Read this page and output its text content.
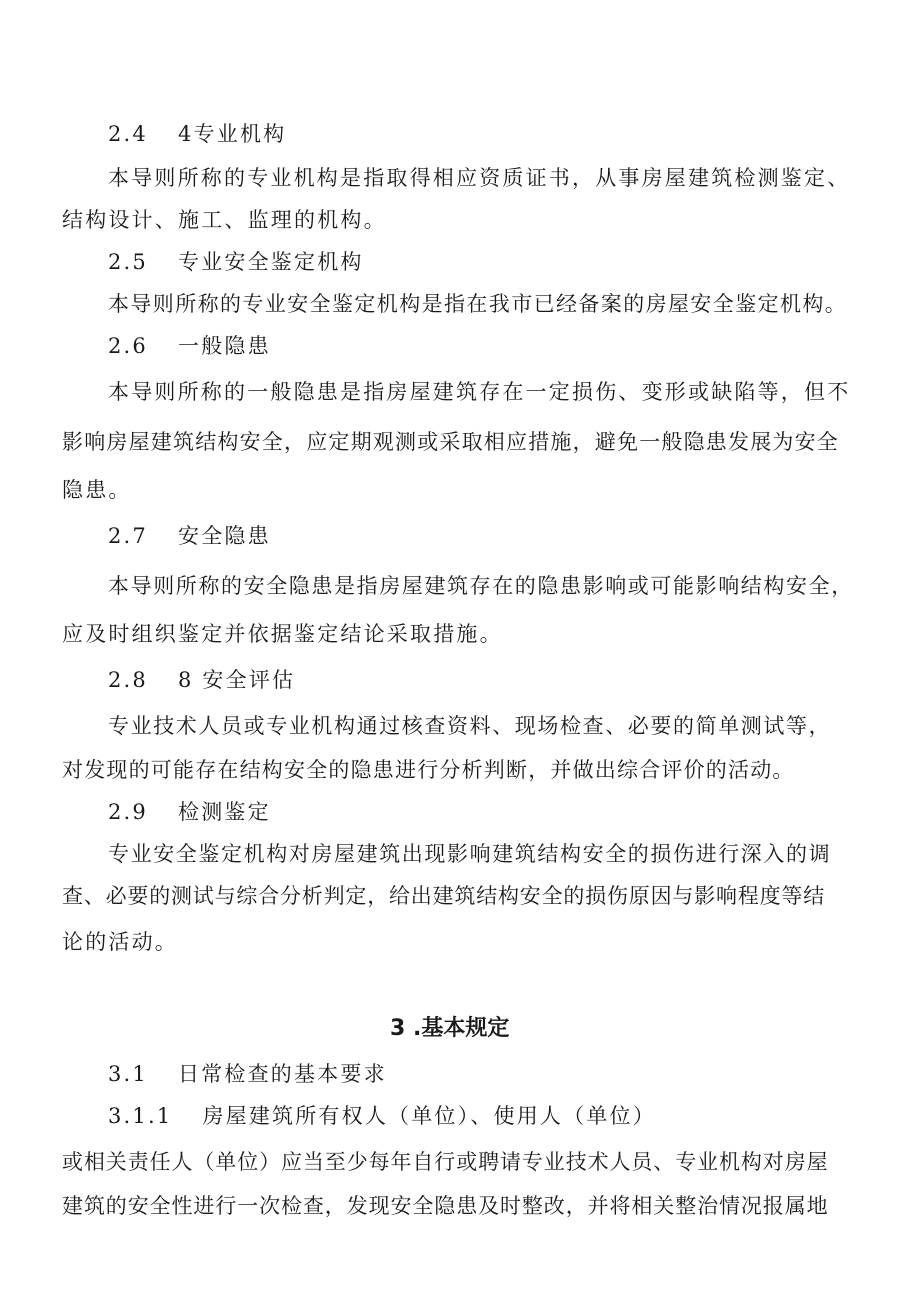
2.4 4专业机构
本导则所称的专业机构是指取得相应资质证书，从事房屋建筑检测鉴定、
结构设计、施工、监理的机构。
2.5 专业安全鉴定机构
本导则所称的专业安全鉴定机构是指在我市已经备案的房屋安全鉴定机构。
2.6 一般隐患
本导则所称的一般隐患是指房屋建筑存在一定损伤、变形或缺陷等，但不
影响房屋建筑结构安全，应定期观测或采取相应措施，避免一般隐患发展为安全
隐患。
2.7 安全隐患
本导则所称的安全隐患是指房屋建筑存在的隐患影响或可能影响结构安全，
应及时组织鉴定并依据鉴定结论采取措施。
2.8 8 安全评估
专业技术人员或专业机构通过核查资料、现场检查、必要的简单测试等，
对发现的可能存在结构安全的隐患进行分析判断，并做出综合评价的活动。
2.9 检测鉴定
专业安全鉴定机构对房屋建筑出现影响建筑结构安全的损伤进行深入的调
查、必要的测试与综合分析判定，给出建筑结构安全的损伤原因与影响程度等结
论的活动。
3 .基本规定
3.1 日常检查的基本要求
3.1.1 房屋建筑所有权人（单位）、使用人（单位）
或相关责任人（单位）应当至少每年自行或聘请专业技术人员、专业机构对房屋
建筑的安全性进行一次检查，发现安全隐患及时整改，并将相关整治情况报属地
